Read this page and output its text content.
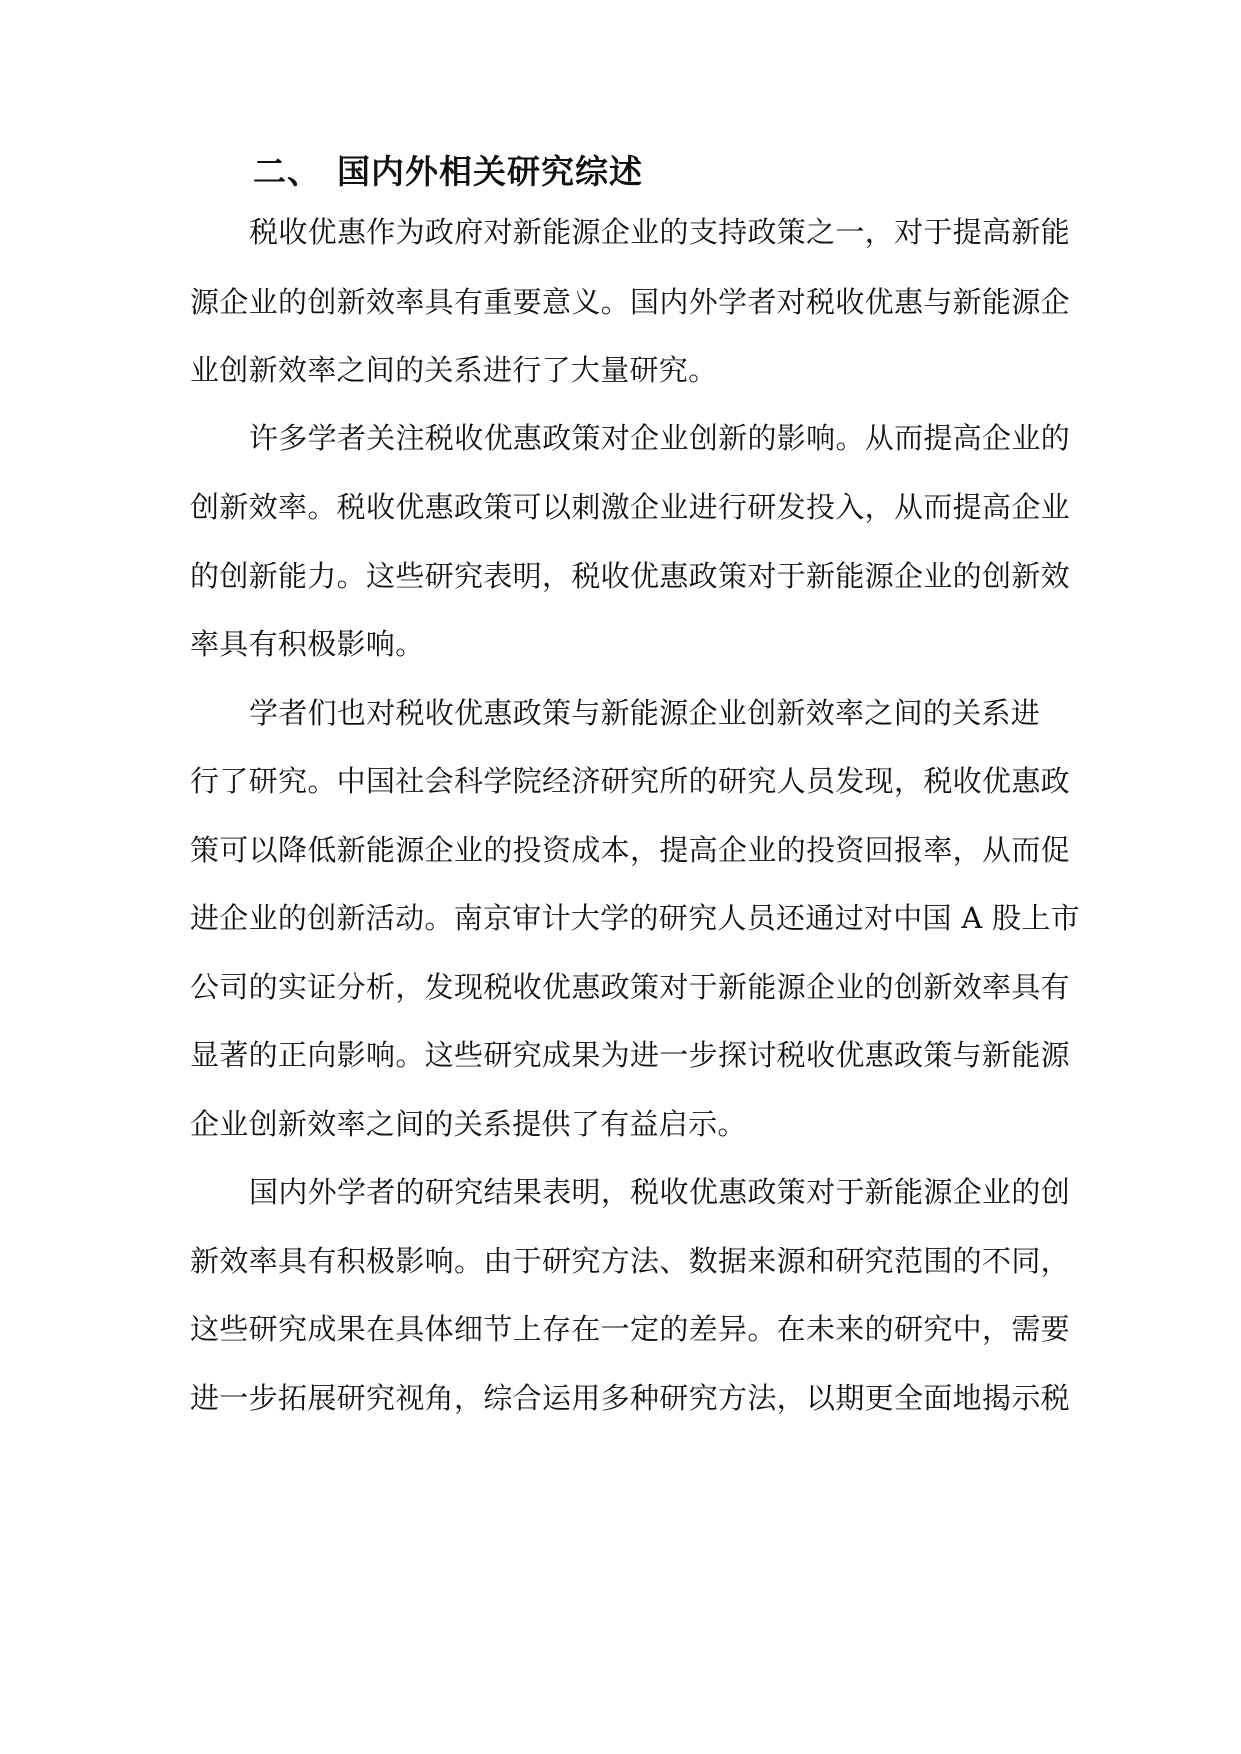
二、 国内外相关研究综述
税收优惠作为政府对新能源企业的支持政策之一，对于提高新能
源企业的创新效率具有重要意义。国内外学者对税收优惠与新能源企
业创新效率之间的关系进行了大量研究。
许多学者关注税收优惠政策对企业创新的影响。从而提高企业的
创新效率。税收优惠政策可以刺激企业进行研发投入，从而提高企业
的创新能力。这些研究表明，税收优惠政策对于新能源企业的创新效
率具有积极影响。
学者们也对税收优惠政策与新能源企业创新效率之间的关系进
行了研究。中国社会科学院经济研究所的研究人员发现，税收优惠政
策可以降低新能源企业的投资成本，提高企业的投资回报率，从而促
进企业的创新活动。南京审计大学的研究人员还通过对中国 A 股上市
公司的实证分析，发现税收优惠政策对于新能源企业的创新效率具有
显著的正向影响。这些研究成果为进一步探讨税收优惠政策与新能源
企业创新效率之间的关系提供了有益启示。
国内外学者的研究结果表明，税收优惠政策对于新能源企业的创
新效率具有积极影响。由于研究方法、数据来源和研究范围的不同，
这些研究成果在具体细节上存在一定的差异。在未来的研究中，需要
进一步拓展研究视角，综合运用多种研究方法，以期更全面地揭示税
